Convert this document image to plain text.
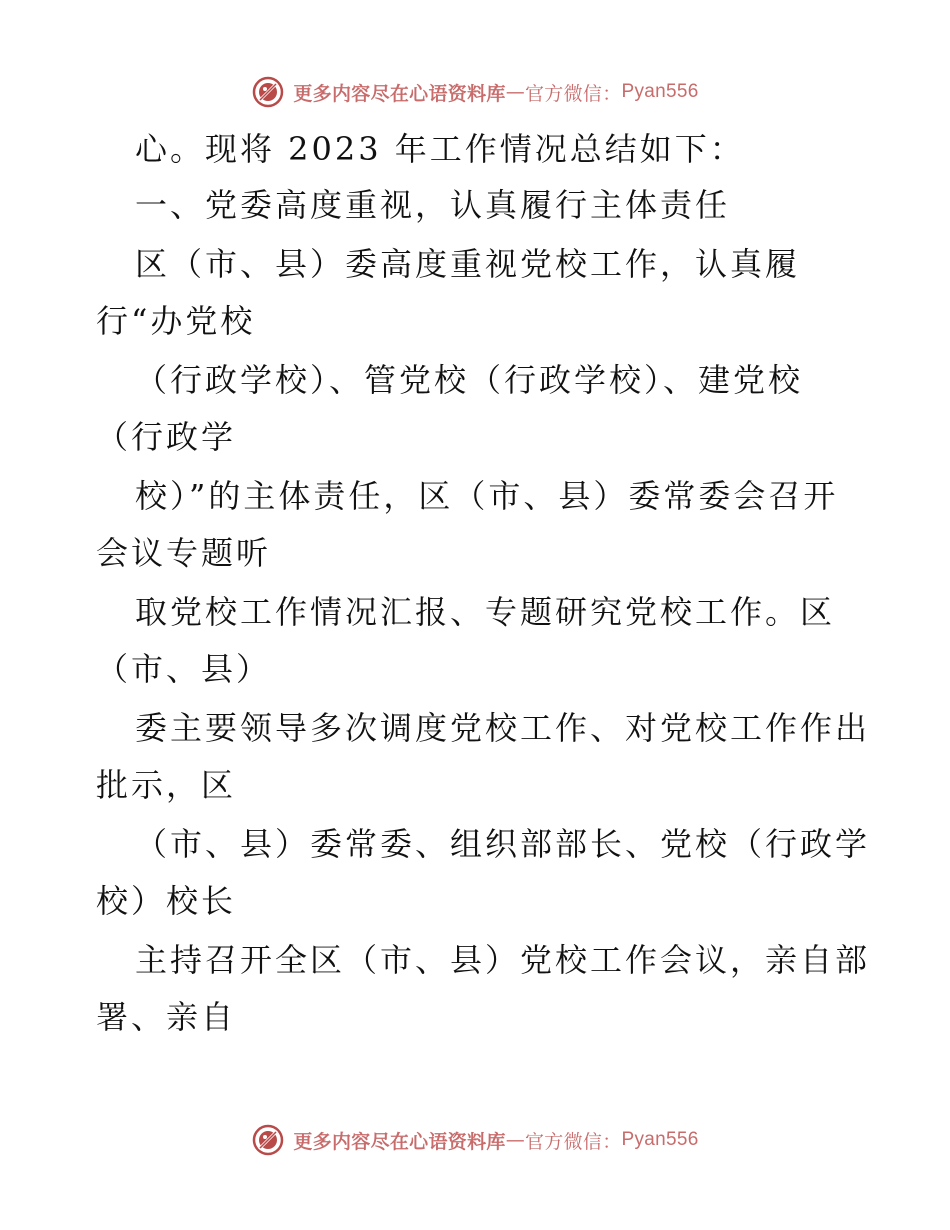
更多内容尽在心语资料库 — 官方微信： Pyan556
心。现将 2023 年工作情况总结如下：
一、党委高度重视，认真履行主体责任
区（市、县）委高度重视党校工作，认真履
行“办党校
（行政学校）、管党校（行政学校）、建党校
（行政学
校）”的主体责任，区（市、县）委常委会召开
会议专题听
取党校工作情况汇报、专题研究党校工作。区
（市、县）
委主要领导多次调度党校工作、对党校工作作出
批示，区
（市、县）委常委、组织部部长、党校（行政学
校）校长
主持召开全区（市、县）党校工作会议，亲自部
署、亲自
更多内容尽在心语资料库 — 官方微信： Pyan556
